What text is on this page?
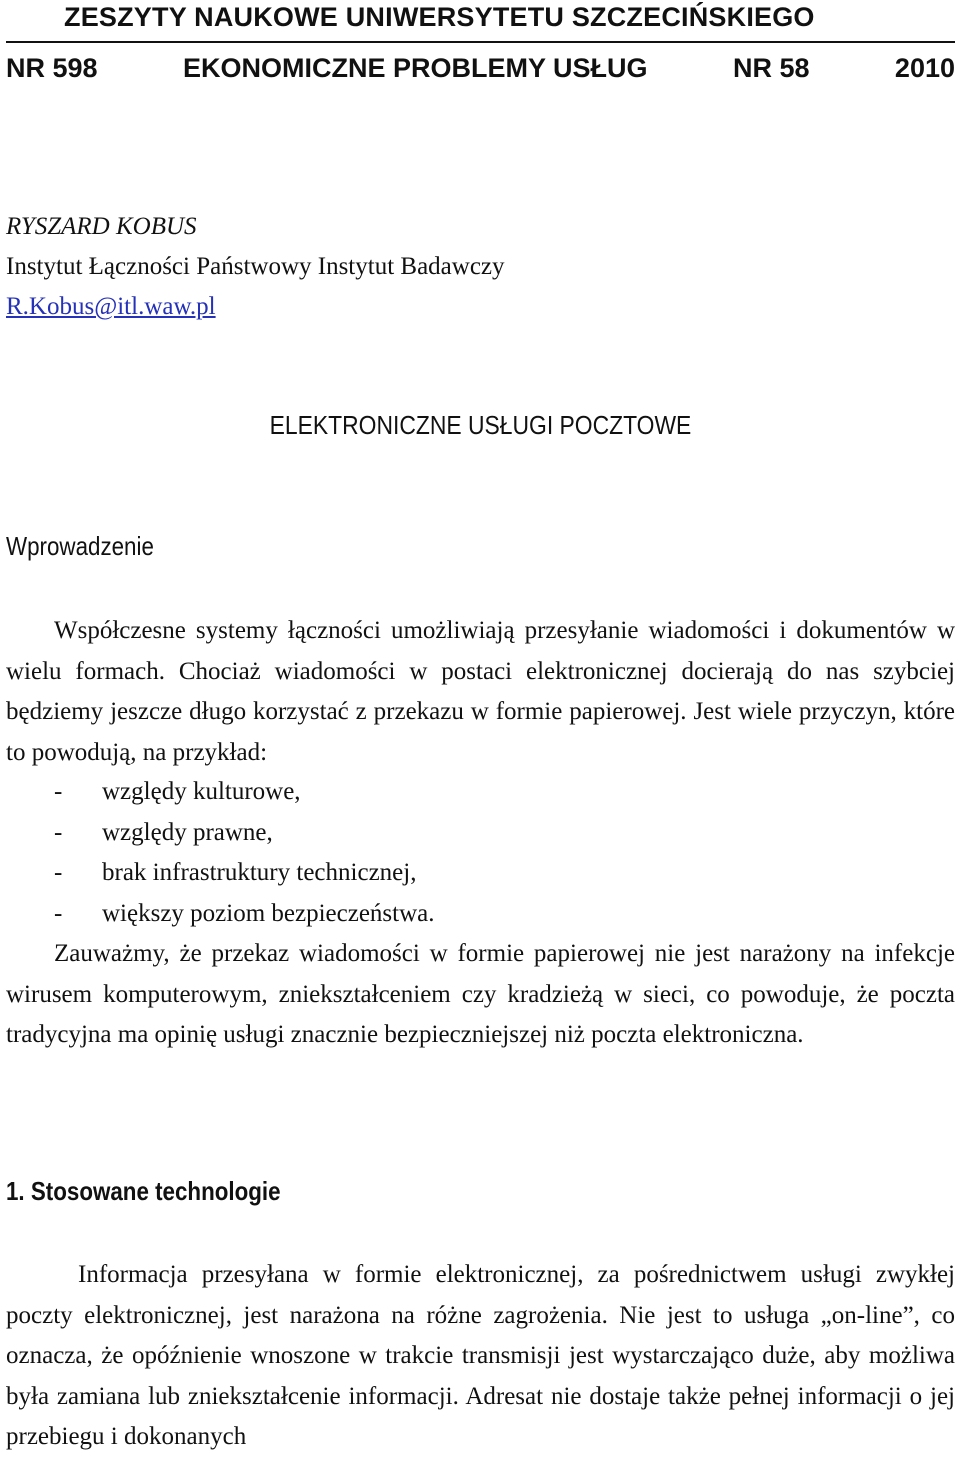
ZESZYTY NAUKOWE UNIWERSYTETU SZCZECIŃSKIEGO
NR 598	EKONOMICZNE PROBLEMY USŁUG	NR 58	2010
RYSZARD KOBUS
Instytut Łączności Państwowy Instytut Badawczy
R.Kobus@itl.waw.pl
ELEKTRONICZNE USŁUGI POCZTOWE
Wprowadzenie

Współczesne systemy łączności umożliwiają przesyłanie wiadomości i dokumentów w wielu formach. Chociaż wiadomości w postaci elektronicznej docierają do nas szybciej będziemy jeszcze długo korzystać z przekazu w formie papierowej. Jest wiele przyczyn, które to powodują, na przykład:

-	względy kulturowe,
-	względy prawne,
-	brak infrastruktury technicznej,
-	większy poziom bezpieczeństwa.

Zauważmy, że przekaz wiadomości w formie papierowej nie jest narażony na infekcje wirusem komputerowym, zniekształceniem czy kradzieżą w sieci, co powoduje, że poczta tradycyjna ma opinię usługi znacznie bezpieczniejszej niż poczta elektroniczna.

1. Stosowane technologie

Informacja przesyłana w formie elektronicznej, za pośrednictwem usługi zwykłej poczty elektronicznej, jest narażona na różne zagrożenia. Nie jest to usługa „on-line”, co oznacza, że opóźnienie wnoszone w trakcie transmisji jest wystarczająco duże, aby możliwa była zamiana lub zniekształcenie informacji. Adresat nie dostaje także pełnej informacji o jej przebiegu i dokonanych
